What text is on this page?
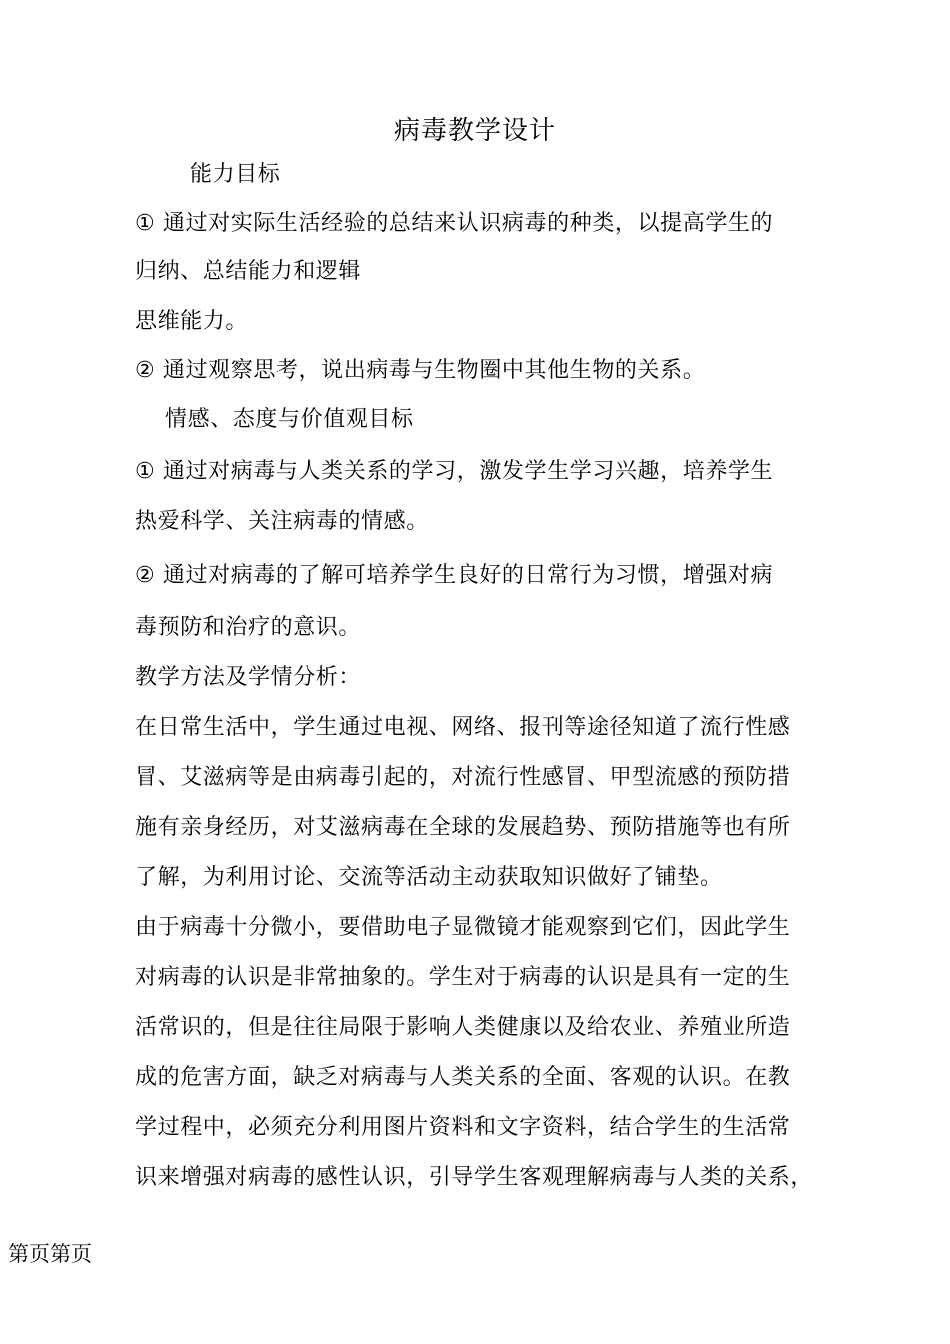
病毒教学设计
能力目标
① 通过对实际生活经验的总结来认识病毒的种类，以提高学生的
归纳、总结能力和逻辑
思维能力。
② 通过观察思考，说出病毒与生物圈中其他生物的关系。
情感、态度与价值观目标
① 通过对病毒与人类关系的学习，激发学生学习兴趣，培养学生
热爱科学、关注病毒的情感。
② 通过对病毒的了解可培养学生良好的日常行为习惯，增强对病
毒预防和治疗的意识。
教学方法及学情分析：
在日常生活中，学生通过电视、网络、报刊等途径知道了流行性感
冒、艾滋病等是由病毒引起的，对流行性感冒、甲型流感的预防措
施有亲身经历，对艾滋病毒在全球的发展趋势、预防措施等也有所
了解，为利用讨论、交流等活动主动获取知识做好了铺垫。
由于病毒十分微小，要借助电子显微镜才能观察到它们，因此学生
对病毒的认识是非常抽象的。学生对于病毒的认识是具有一定的生
活常识的，但是往往局限于影响人类健康以及给农业、养殖业所造
成的危害方面，缺乏对病毒与人类关系的全面、客观的认识。在教
学过程中，必须充分利用图片资料和文字资料，结合学生的生活常
识来增强对病毒的感性认识，引导学生客观理解病毒与人类的关系，
第页第页
